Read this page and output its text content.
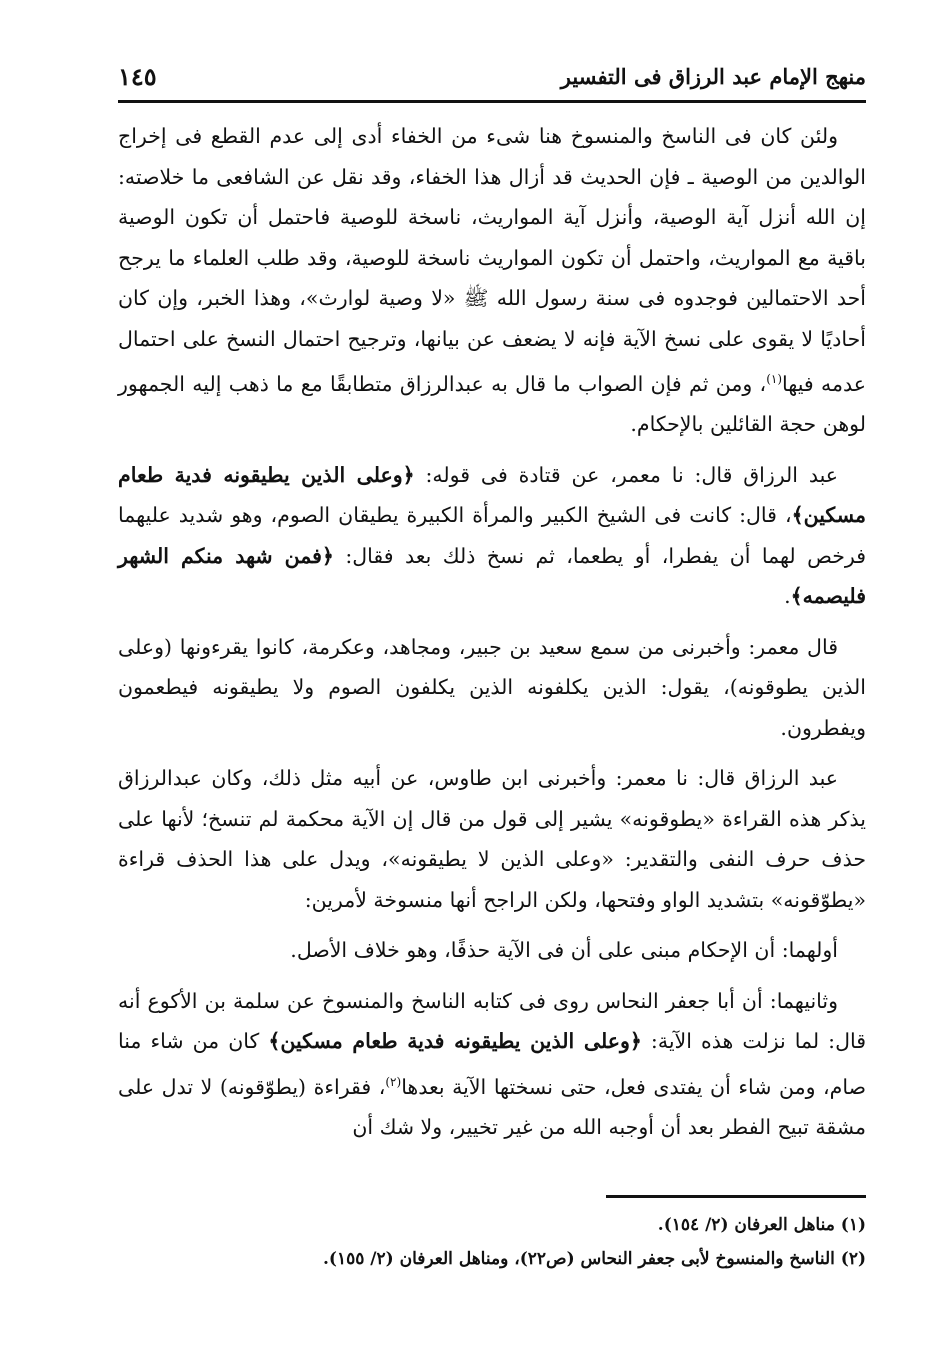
منهج الإمام عبد الرزاق فى التفسير
١٤٥

ولئن كان فى الناسخ والمنسوخ هنا شىء من الخفاء أدى إلى عدم القطع فى إخراج الوالدين من الوصية ـ فإن الحديث قد أزال هذا الخفاء، وقد نقل عن الشافعى ما خلاصته: إن الله أنزل آية الوصية، وأنزل آية المواريث، ناسخة للوصية فاحتمل أن تكون الوصية باقية مع المواريث، واحتمل أن تكون المواريث ناسخة للوصية، وقد طلب العلماء ما يرجح أحد الاحتمالين فوجدوه فى سنة رسول الله ﷺ «لا وصية لوارث»، وهذا الخبر، وإن كان أحاديًا لا يقوى على نسخ الآية فإنه لا يضعف عن بيانها، وترجيح احتمال النسخ على احتمال عدمه فيها$^{(١)}$، ومن ثم فإن الصواب ما قال به عبدالرزاق متطابقًا مع ما ذهب إليه الجمهور لوهن حجة القائلين بالإحكام.

عبد الرزاق قال: نا معمر، عن قتادة فى قوله: ﴿وعلى الذين يطيقونه فدية طعام مسكين﴾، قال: كانت فى الشيخ الكبير والمرأة الكبيرة يطيقان الصوم، وهو شديد عليهما فرخص لهما أن يفطرا، أو يطعما، ثم نسخ ذلك بعد فقال: ﴿فمن شهد منكم الشهر فليصمه﴾.

قال معمر: وأخبرنى من سمع سعيد بن جبير، ومجاهد، وعكرمة، كانوا يقرءونها (وعلى الذين يطوقونه)، يقول: الذين يكلفونه الذين يكلفون الصوم ولا يطيقونه فيطعمون ويفطرون.

عبد الرزاق قال: نا معمر: وأخبرنى ابن طاوس، عن أبيه مثل ذلك، وكان عبدالرزاق يذكر هذه القراءة «يطوقونه» يشير إلى قول من قال إن الآية محكمة لم تنسخ؛ لأنها على حذف حرف النفى والتقدير: «وعلى الذين لا يطيقونه»، ويدل على هذا الحذف قراءة «يطوّقونه» بتشديد الواو وفتحها، ولكن الراجح أنها منسوخة لأمرين:

أولهما: أن الإحكام مبنى على أن فى الآية حذفًا، وهو خلاف الأصل.

وثانيهما: أن أبا جعفر النحاس روى فى كتابه الناسخ والمنسوخ عن سلمة بن الأكوع أنه قال: لما نزلت هذه الآية: ﴿وعلى الذين يطيقونه فدية طعام مسكين﴾ كان من شاء منا صام، ومن شاء أن يفتدى فعل، حتى نسختها الآية بعدها$^{(٢)}$، فقراءة (يطوّقونه) لا تدل على مشقة تبيح الفطر بعد أن أوجبه الله من غير تخيير، ولا شك أن

(١) مناهل العرفان (٢/ ١٥٤).
(٢) الناسخ والمنسوخ لأبى جعفر النحاس (ص٢٢)، ومناهل العرفان (٢/ ١٥٥).
